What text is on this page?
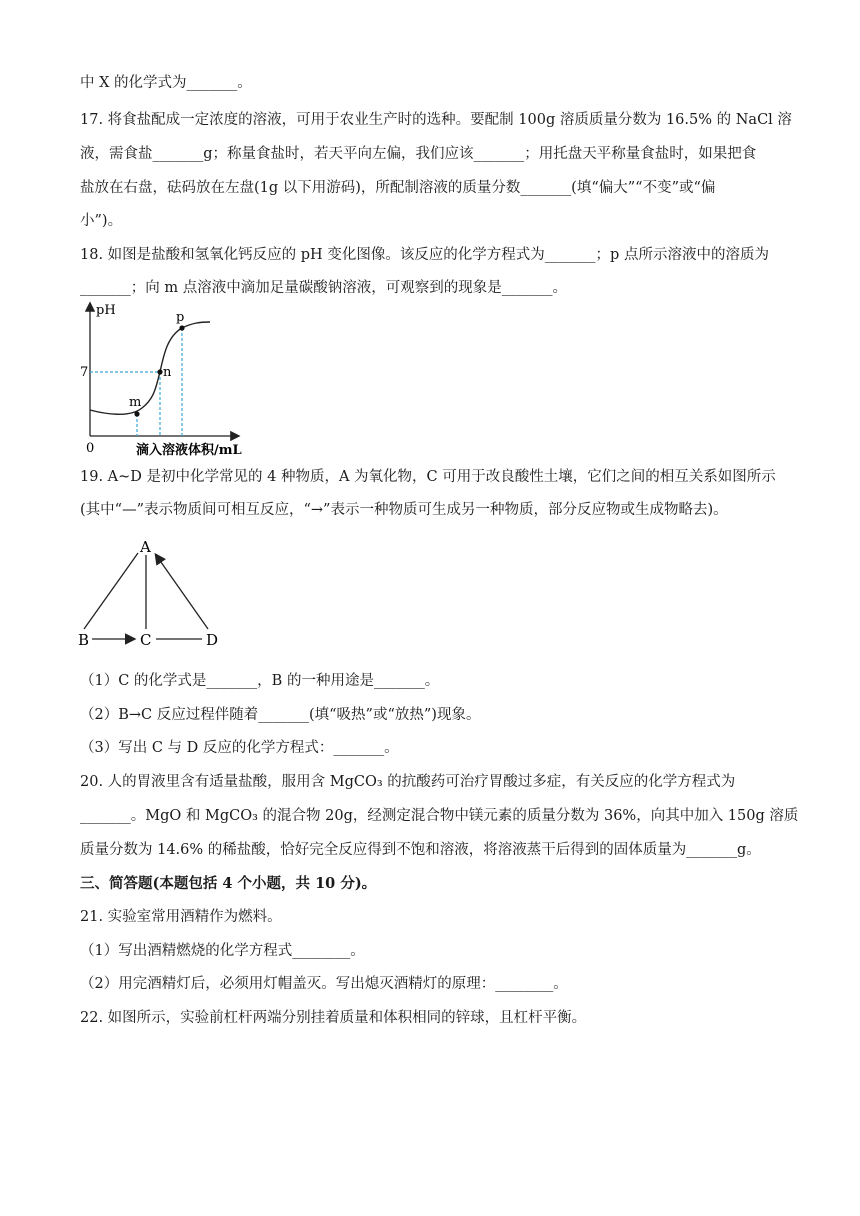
中 X 的化学式为_______。
17. 将食盐配成一定浓度的溶液，可用于农业生产时的选种。要配制 100g 溶质质量分数为 16.5% 的 NaCl 溶
液，需食盐_______g；称量食盐时，若天平向左偏，我们应该_______；用托盘天平称量食盐时，如果把食
盐放在右盘，砝码放在左盘(1g 以下用游码)，所配制溶液的质量分数_______(填“偏大”“不变”或“偏
小”)。
18. 如图是盐酸和氢氧化钙反应的 pH 变化图像。该反应的化学方程式为_______；p 点所示溶液中的溶质为
_______；向 m 点溶液中滴加足量碳酸钠溶液，可观察到的现象是_______。
pH
7
0	滴入溶液体积/mL
m
n
p
19. A~D 是初中化学常见的 4 种物质，A 为氧化物，C 可用于改良酸性土壤，它们之间的相互关系如图所示
(其中“—”表示物质间可相互反应，“→”表示一种物质可生成另一种物质，部分反应物或生成物略去)。
A
B	C	D
（1）C 的化学式是_______，B 的一种用途是_______。
（2）B→C 反应过程伴随着_______(填“吸热”或“放热”)现象。
（3）写出 C 与 D 反应的化学方程式：_______。
20. 人的胃液里含有适量盐酸，服用含 MgCO₃ 的抗酸药可治疗胃酸过多症，有关反应的化学方程式为
_______。MgO 和 MgCO₃ 的混合物 20g，经测定混合物中镁元素的质量分数为 36%，向其中加入 150g 溶质
质量分数为 14.6% 的稀盐酸，恰好完全反应得到不饱和溶液，将溶液蒸干后得到的固体质量为_______g。
三、简答题(本题包括 4 个小题，共 10 分)。
21. 实验室常用酒精作为燃料。
（1）写出酒精燃烧的化学方程式________。
（2）用完酒精灯后，必须用灯帽盖灭。写出熄灭酒精灯的原理：________。
22. 如图所示，实验前杠杆两端分别挂着质量和体积相同的锌球，且杠杆平衡。
